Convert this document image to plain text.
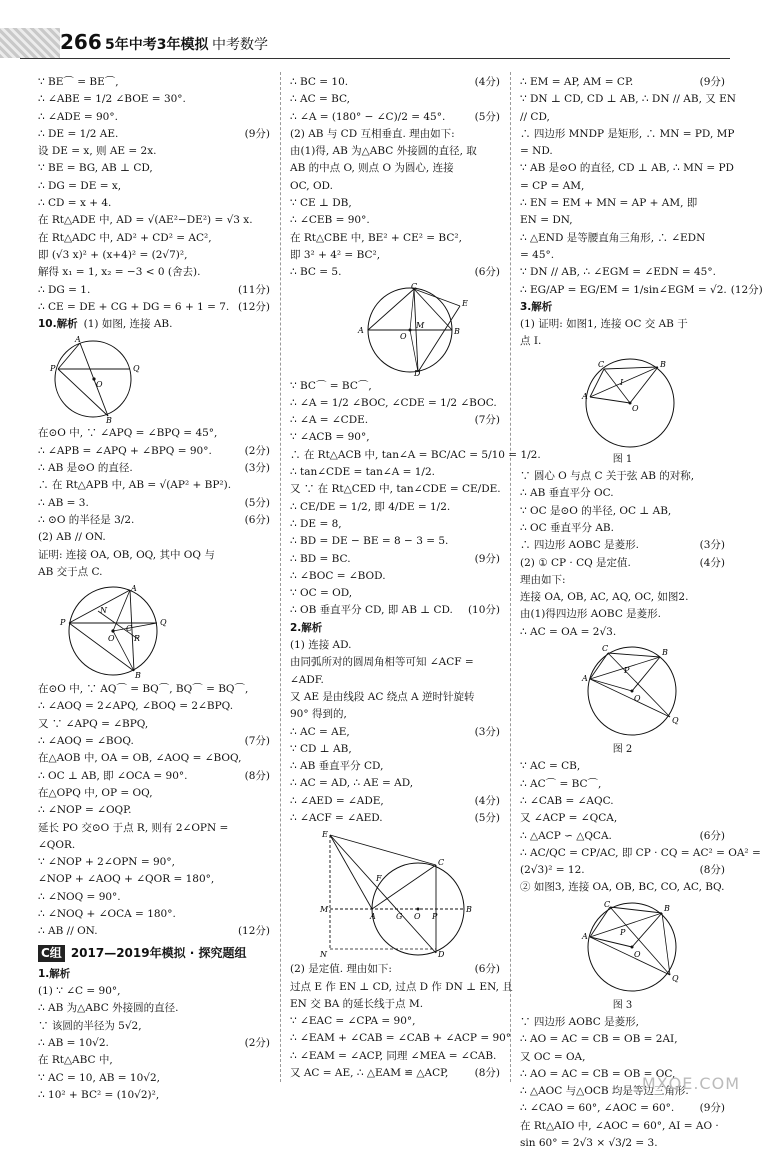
266 5年中考3年模拟 中考数学
∵ BE⌒ = BE⌒,
∴ ∠ABE = 1/2 ∠BOE = 30°.
∴ ∠ADE = 90°.
∴ DE = 1/2 AE.	(9分)
设 DE = x, 则 AE = 2x.
∵ BE = BG, AB ⊥ CD,
∴ DG = DE = x,
∴ CD = x + 4.
在 Rt△ADE 中, AD = √(AE²−DE²) = √3 x.
在 Rt△ADC 中, AD² + CD² = AC²,
即 (√3 x)² + (x+4)² = (2√7)²,
解得 x₁ = 1, x₂ = −3 < 0 (舍去).
∴ DG = 1.	(11分)
∴ CE = DE + CG + DG = 6 + 1 = 7. (12分)
10.解析 (1) 如图, 连接 AB.
A
P	Q
O
B
在⊙O 中, ∵ ∠APQ = ∠BPQ = 45°,
∴ ∠APB = ∠APQ + ∠BPQ = 90°.	(2分)
∴ AB 是⊙O 的直径.	(3分)
∴ 在 Rt△APB 中, AB = √(AP² + BP²).
∴ AB = 3.	(5分)
∴ ⊙O 的半径是 3/2.	(6分)
(2) AB // ON.
证明: 连接 OA, OB, OQ, 其中 OQ 与
AB 交于点 C.
A
P	Q
O
B
N
C
R
在⊙O 中, ∵ AQ⌒ = BQ⌒, BQ⌒ = BQ⌒,
∴ ∠AOQ = 2∠APQ, ∠BOQ = 2∠BPQ.
又 ∵ ∠APQ = ∠BPQ,
∴ ∠AOQ = ∠BOQ.	(7分)
在△AOB 中, OA = OB, ∠AOQ = ∠BOQ,
∴ OC ⊥ AB, 即 ∠OCA = 90°.	(8分)
在△OPQ 中, OP = OQ,
∴ ∠NOP = ∠OQP.
延长 PO 交⊙O 于点 R, 则有 2∠OPN =
∠QOR.
∵ ∠NOP + 2∠OPN = 90°,
∠NOP + ∠AOQ + ∠QOR = 180°,
∴ ∠NOQ = 90°.
∴ ∠NOQ + ∠OCA = 180°.
∴ AB // ON.	(12分)
C组 2017—2019年模拟 · 探究题组
1.解析
(1) ∵ ∠C = 90°,
∴ AB 为△ABC 外接圆的直径.
∵ 该圆的半径为 5√2,
∴ AB = 10√2.	(2分)
在 Rt△ABC 中,
∵ AC = 10, AB = 10√2,
∴ 10² + BC² = (10√2)²,
∴ BC = 10.	(4分)
∴ AC = BC,
∴ ∠A = (180° − ∠C)/2 = 45°.	(5分)
(2) AB 与 CD 互相垂直. 理由如下:
由(1)得, AB 为△ABC 外接圆的直径, 取
AB 的中点 O, 则点 O 为圆心, 连接
OC, OD.
∵ CE ⊥ DB,
∴ ∠CEB = 90°.
在 Rt△CBE 中, BE² + CE² = BC²,
即 3² + 4² = BC²,
∴ BC = 5.	(6分)
A
C
E
B
O
M
D
∵ BC⌒ = BC⌒,
∴ ∠A = 1/2 ∠BOC, ∠CDE = 1/2 ∠BOC.
∴ ∠A = ∠CDE.	(7分)
∵ ∠ACB = 90°,
∴ 在 Rt△ACB 中, tan∠A = BC/AC = 5/10 = 1/2.
∴ tan∠CDE = tan∠A = 1/2.
又 ∵ 在 Rt△CED 中, tan∠CDE = CE/DE.
∴ CE/DE = 1/2, 即 4/DE = 1/2.
∴ DE = 8,
∴ BD = DE − BE = 8 − 3 = 5.
∴ BD = BC.	(9分)
∴ ∠BOC = ∠BOD.
∵ OC = OD,
∴ OB 垂直平分 CD, 即 AB ⊥ CD.	(10分)
2.解析
(1) 连接 AD.
由同弧所对的圆周角相等可知 ∠ACF =
∠ADF.
又 AE 是由线段 AC 绕点 A 逆时针旋转
90° 得到的,
∴ AC = AE,	(3分)
∵ CD ⊥ AB,
∴ AB 垂直平分 CD,
∴ AC = AD, ∴ AE = AD,
∴ ∠AED = ∠ADE,	(4分)
∴ ∠ACF = ∠AED.	(5分)
E
C
M
A	G O P
B
N	D
F
(2) 是定值. 理由如下:	(6分)
过点 E 作 EN ⊥ CD, 过点 D 作 DN ⊥ EN, 且
EN 交 BA 的延长线于点 M.
∵ ∠EAC = ∠CPA = 90°,
∴ ∠EAM + ∠CAB = ∠CAB + ∠ACP = 90°
∴ ∠EAM = ∠ACP, 同理 ∠MEA = ∠CAB.
又 AC = AE, ∴ △EAM ≌ △ACP,	(8分)
∴ EM = AP, AM = CP.	(9分)
∵ DN ⊥ CD, CD ⊥ AB, ∴ DN // AB, 又 EN
// CD,
∴ 四边形 MNDP 是矩形, ∴ MN = PD, MP
= ND.
∵ AB 是⊙O 的直径, CD ⊥ AB, ∴ MN = PD
= CP = AM,
∴ EN = EM + MN = AP + AM, 即
EN = DN,
∴ △END 是等腰直角三角形, ∴ ∠EDN
= 45°.
∵ DN // AB, ∴ ∠EGM = ∠EDN = 45°.
∴ EG/AP = EG/EM = 1/sin∠EGM = √2. (12分)
3.解析
(1) 证明: 如图1, 连接 OC 交 AB 于
点 I.
C	B
A
O
I
图 1
∵ 圆心 O 与点 C 关于弦 AB 的对称,
∴ AB 垂直平分 OC.
∵ OC 是⊙O 的半径, OC ⊥ AB,
∴ OC 垂直平分 AB.
∴ 四边形 AOBC 是菱形.	(3分)
(2) ① CP · CQ 是定值.	(4分)
理由如下:
连接 OA, OB, AC, AQ, OC, 如图2.
由(1)得四边形 AOBC 是菱形.
∴ AC = OA = 2√3.
C	B
A
O
P
Q
图 2
∵ AC = CB,
∴ AC⌒ = BC⌒,
∴ ∠CAB = ∠AQC.
又 ∠ACP = ∠QCA,
∴ △ACP ∽ △QCA.	(6分)
∴ AC/QC = CP/AC, 即 CP · CQ = AC² = OA² =
(2√3)² = 12.	(8分)
② 如图3, 连接 OA, OB, BC, CO, AC, BQ.
C	B
A
O
P
Q
图 3
∵ 四边形 AOBC 是菱形,
∴ AO = AC = CB = OB = 2AI,
又 OC = OA,
∴ AO = AC = CB = OB = OC,
∴ △AOC 与△OCB 均是等边三角形.
∴ ∠CAO = 60°, ∠AOC = 60°.	(9分)
在 Rt△AIO 中, ∠AOC = 60°, AI = AO ·
sin 60° = 2√3 × √3/2 = 3.
MXQE.COM
